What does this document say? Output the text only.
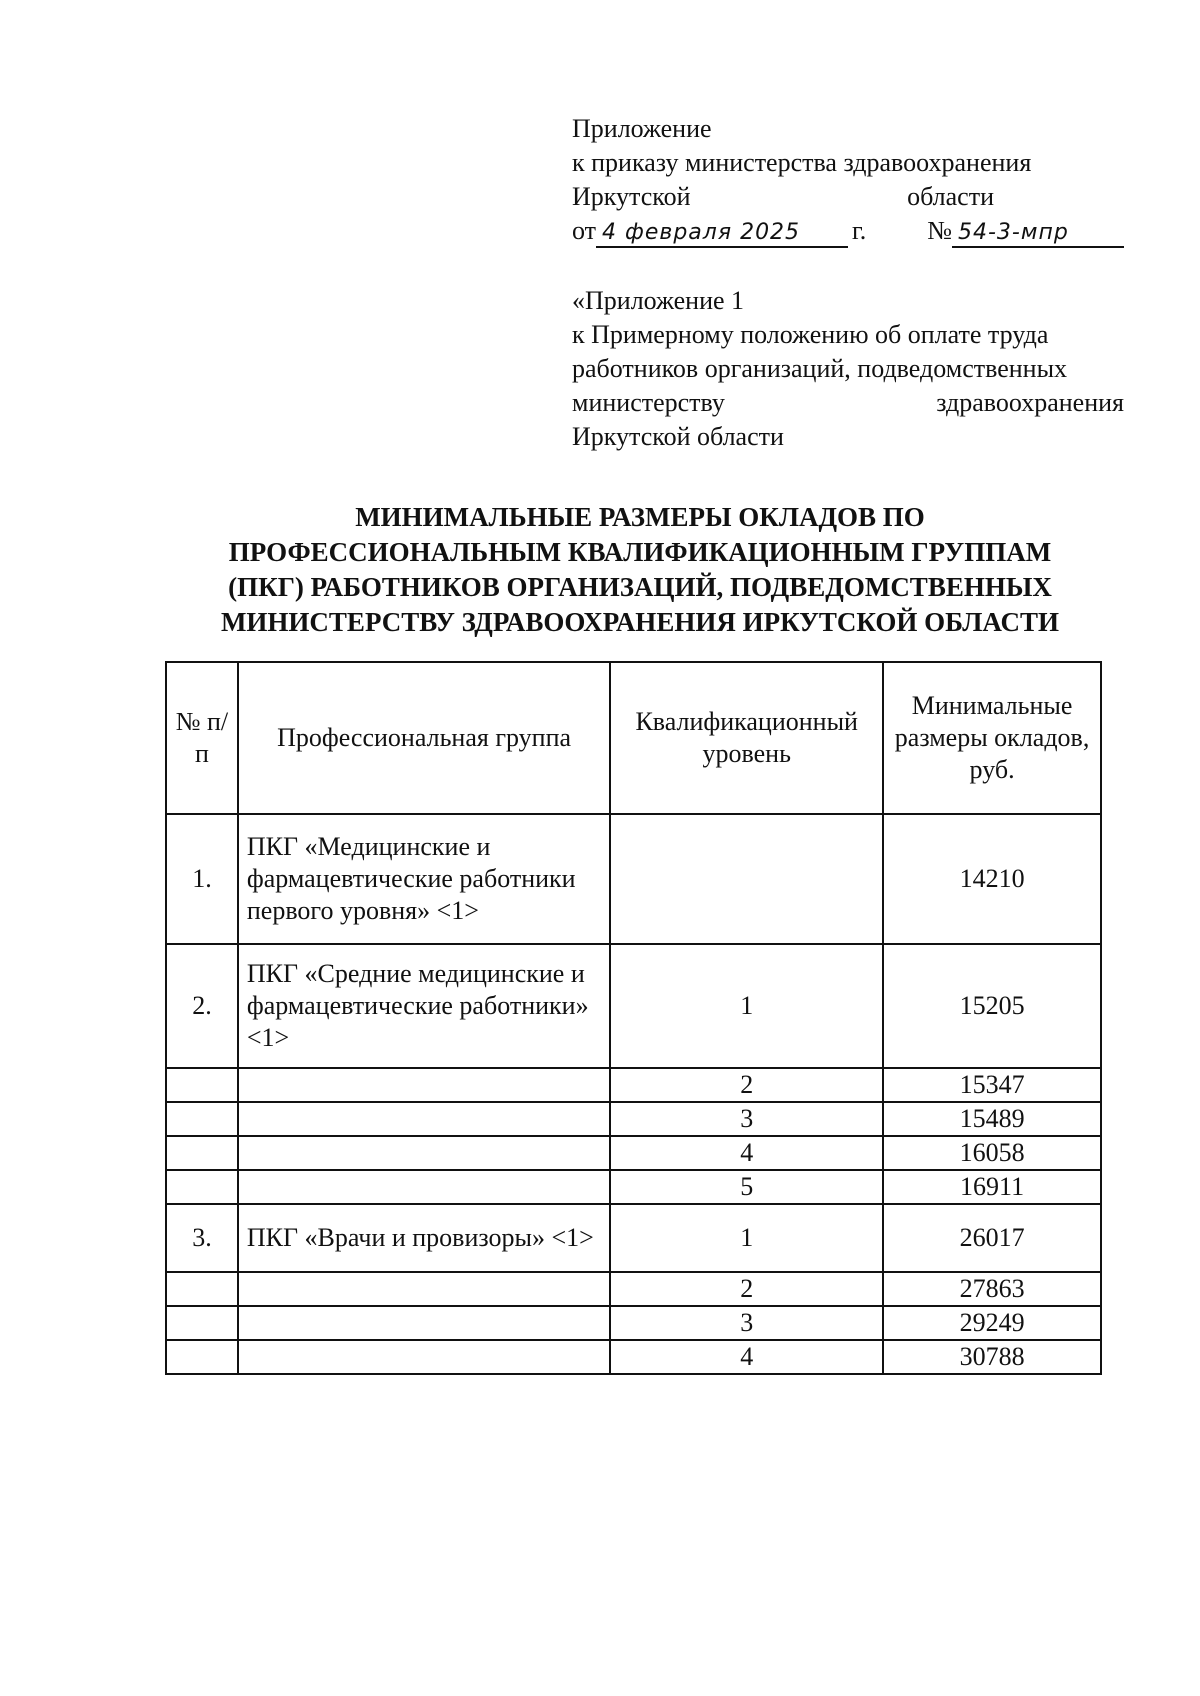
Приложение
к приказу министерства здравоохранения
Иркутской	области
от 4 февраля 2025	г. № 54-3-мпр
«Приложение 1
к Примерному положению об оплате труда
работников организаций, подведомственных
министерству	здравоохранения
Иркутской области
МИНИМАЛЬНЫЕ РАЗМЕРЫ ОКЛАДОВ ПО
ПРОФЕССИОНАЛЬНЫМ КВАЛИФИКАЦИОННЫМ ГРУППАМ
(ПКГ) РАБОТНИКОВ ОРГАНИЗАЦИЙ, ПОДВЕДОМСТВЕННЫХ
МИНИСТЕРСТВУ ЗДРАВООХРАНЕНИЯ ИРКУТСКОЙ ОБЛАСТИ
№ п/п	Профессиональная группа	Квалификационный уровень	Минимальные размеры окладов, руб.
1.	ПКГ «Медицинские и фармацевтические работники первого уровня» <1>		14210
2.	ПКГ «Средние медицинские и фармацевтические работники» <1>	1	15205
		2	15347
		3	15489
		4	16058
		5	16911
3.	ПКГ «Врачи и провизоры» <1>	1	26017
		2	27863
		3	29249
		4	30788
